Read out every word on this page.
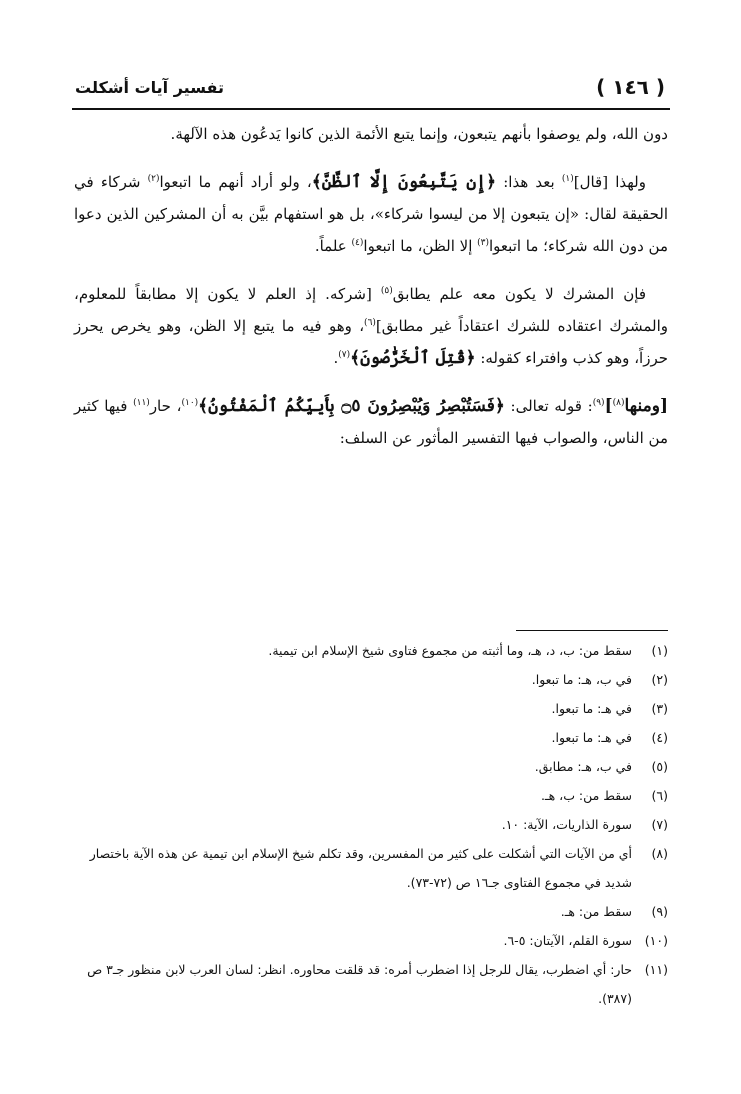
( ١٤٦ )
تفسير آيات أشكلت

دون الله، ولم يوصفوا بأنهم يتبعون، وإنما يتبع الأئمة الذين كانوا يَدعُون هذه الآلهة.

ولهذا [قال]$^{(١)}$ بعد هذا: ﴿إِن يَتَّبِعُونَ إِلَّا ٱلظَّنَّ﴾، ولو أراد أنهم ما اتبعوا$^{(٢)}$ شركاء في الحقيقة لقال: «إن يتبعون إلا من ليسوا شركاء»، بل هو استفهام بيَّن به أن المشركين الذين دعوا من دون الله شركاء؛ ما اتبعوا$^{(٣)}$ إلا الظن، ما اتبعوا$^{(٤)}$ علماً.

فإن المشرك لا يكون معه علم يطابق$^{(٥)}$ [شركه. إذ العلم لا يكون إلا مطابقاً للمعلوم، والمشرك اعتقاده للشرك اعتقاداً غير مطابق]$^{(٦)}$، وهو فيه ما يتبع إلا الظن، وهو يخرص يحرز حرزاً، وهو كذب وافتراء كقوله: ﴿قُتِلَ ٱلْخَرَّٰصُونَ﴾$^{(٧)}$.

[ومنها$^{(٨)}$]$^{(٩)}$: قوله تعالى: ﴿فَسَتُبْصِرُ وَيُبْصِرُونَ ۝٥ بِأَييِّكُمُ ٱلْمَفْتُونُ﴾$^{(١٠)}$، حار$^{(١١)}$ فيها كثير من الناس، والصواب فيها التفسير المأثور عن السلف:

(١)
سقط من: ب، د، هـ، وما أثبته من مجموع فتاوى شيخ الإسلام ابن تيمية.
(٢)
في ب، هـ: ما تبعوا.
(٣)
في هـ: ما تبعوا.
(٤)
في هـ: ما تبعوا.
(٥)
في ب، هـ: مطابق.
(٦)
سقط من: ب، هـ.
(٧)
سورة الذاريات، الآية: ١٠.
(٨)
أي من الآيات التي أشكلت على كثير من المفسرين، وقد تكلم شيخ الإسلام ابن تيمية عن هذه الآية باختصار شديد في مجموع الفتاوى جـ١٦ ص (٧٢-٧٣).
(٩)
سقط من: هـ.
(١٠)
سورة القلم، الآيتان: ٥-٦.
(١١)
حار: أي اضطرب، يقال للرجل إذا اضطرب أمره: قد قلقت محاوره. انظر: لسان العرب لابن منظور جـ٣ ص (٣٨٧).
